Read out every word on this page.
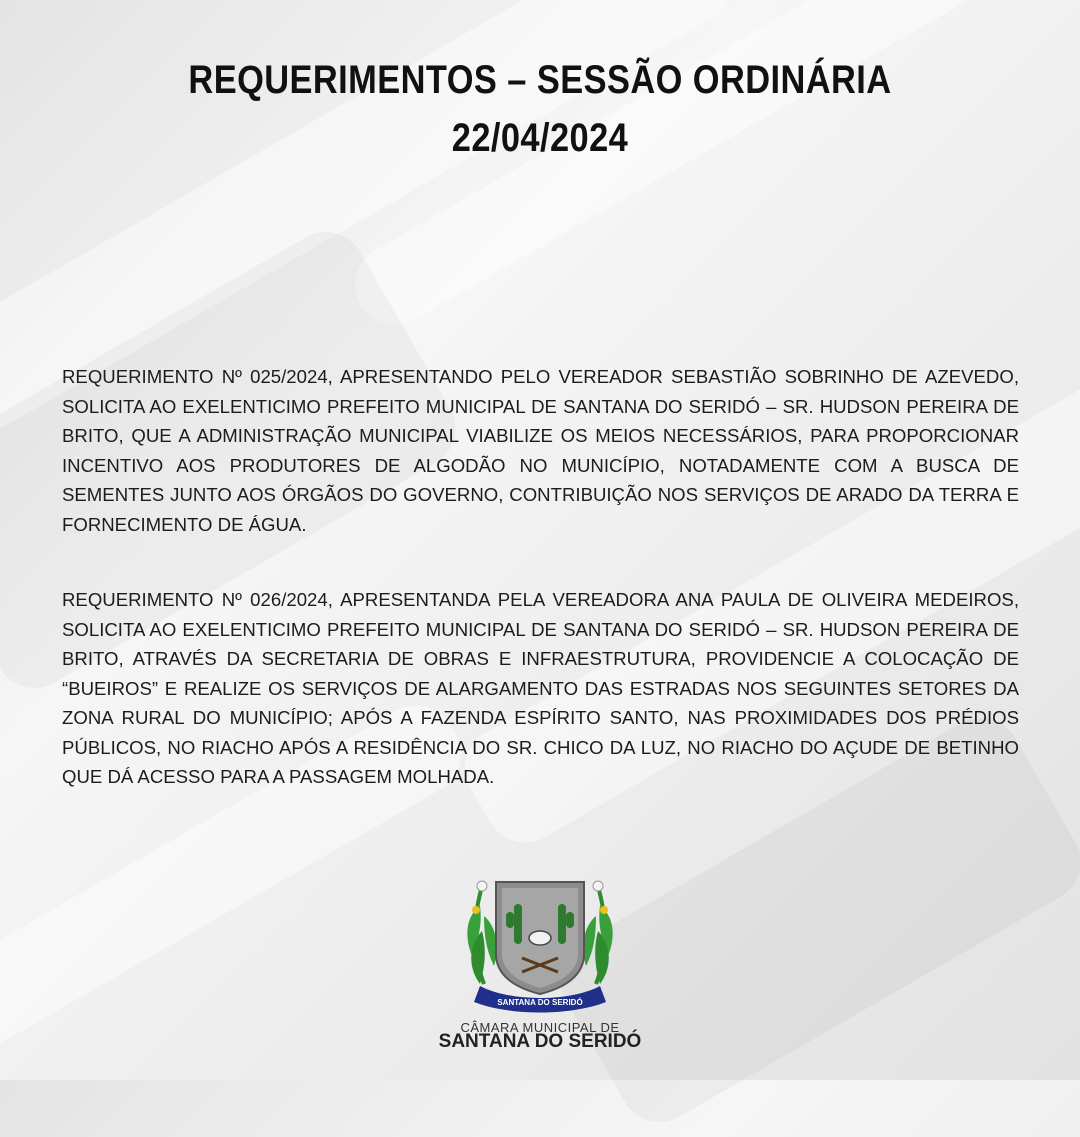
REQUERIMENTOS – SESSÃO ORDINÁRIA
22/04/2024
REQUERIMENTO Nº 025/2024, APRESENTANDO PELO VEREADOR SEBASTIÃO SOBRINHO DE AZEVEDO, SOLICITA AO EXELENTICIMO PREFEITO MUNICIPAL DE SANTANA DO SERIDÓ – SR. HUDSON PEREIRA DE BRITO, QUE A ADMINISTRAÇÃO MUNICIPAL VIABILIZE OS MEIOS NECESSÁRIOS, PARA PROPORCIONAR INCENTIVO AOS PRODUTORES DE ALGODÃO NO MUNICÍPIO, NOTADAMENTE COM A BUSCA DE SEMENTES JUNTO AOS ÓRGÃOS DO GOVERNO, CONTRIBUIÇÃO NOS SERVIÇOS DE ARADO DA TERRA E FORNECIMENTO DE ÁGUA.
REQUERIMENTO Nº 026/2024, APRESENTANDA PELA VEREADORA ANA PAULA DE OLIVEIRA MEDEIROS, SOLICITA AO EXELENTICIMO PREFEITO MUNICIPAL DE SANTANA DO SERIDÓ – SR. HUDSON PEREIRA DE BRITO, ATRAVÉS DA SECRETARIA DE OBRAS E INFRAESTRUTURA, PROVIDENCIE A COLOCAÇÃO DE “BUEIROS” E REALIZE OS SERVIÇOS DE ALARGAMENTO DAS ESTRADAS NOS SEGUINTES SETORES DA ZONA RURAL DO MUNICÍPIO; APÓS A FAZENDA ESPÍRITO SANTO, NAS PROXIMIDADES DOS PRÉDIOS PÚBLICOS, NO RIACHO APÓS A RESIDÊNCIA DO SR. CHICO DA LUZ, NO RIACHO DO AÇUDE DE BETINHO QUE DÁ ACESSO PARA A PASSAGEM MOLHADA.
SANTANA DO SERIDÓ
CÂMARA MUNICIPAL DE
SANTANA DO SERIDÓ
